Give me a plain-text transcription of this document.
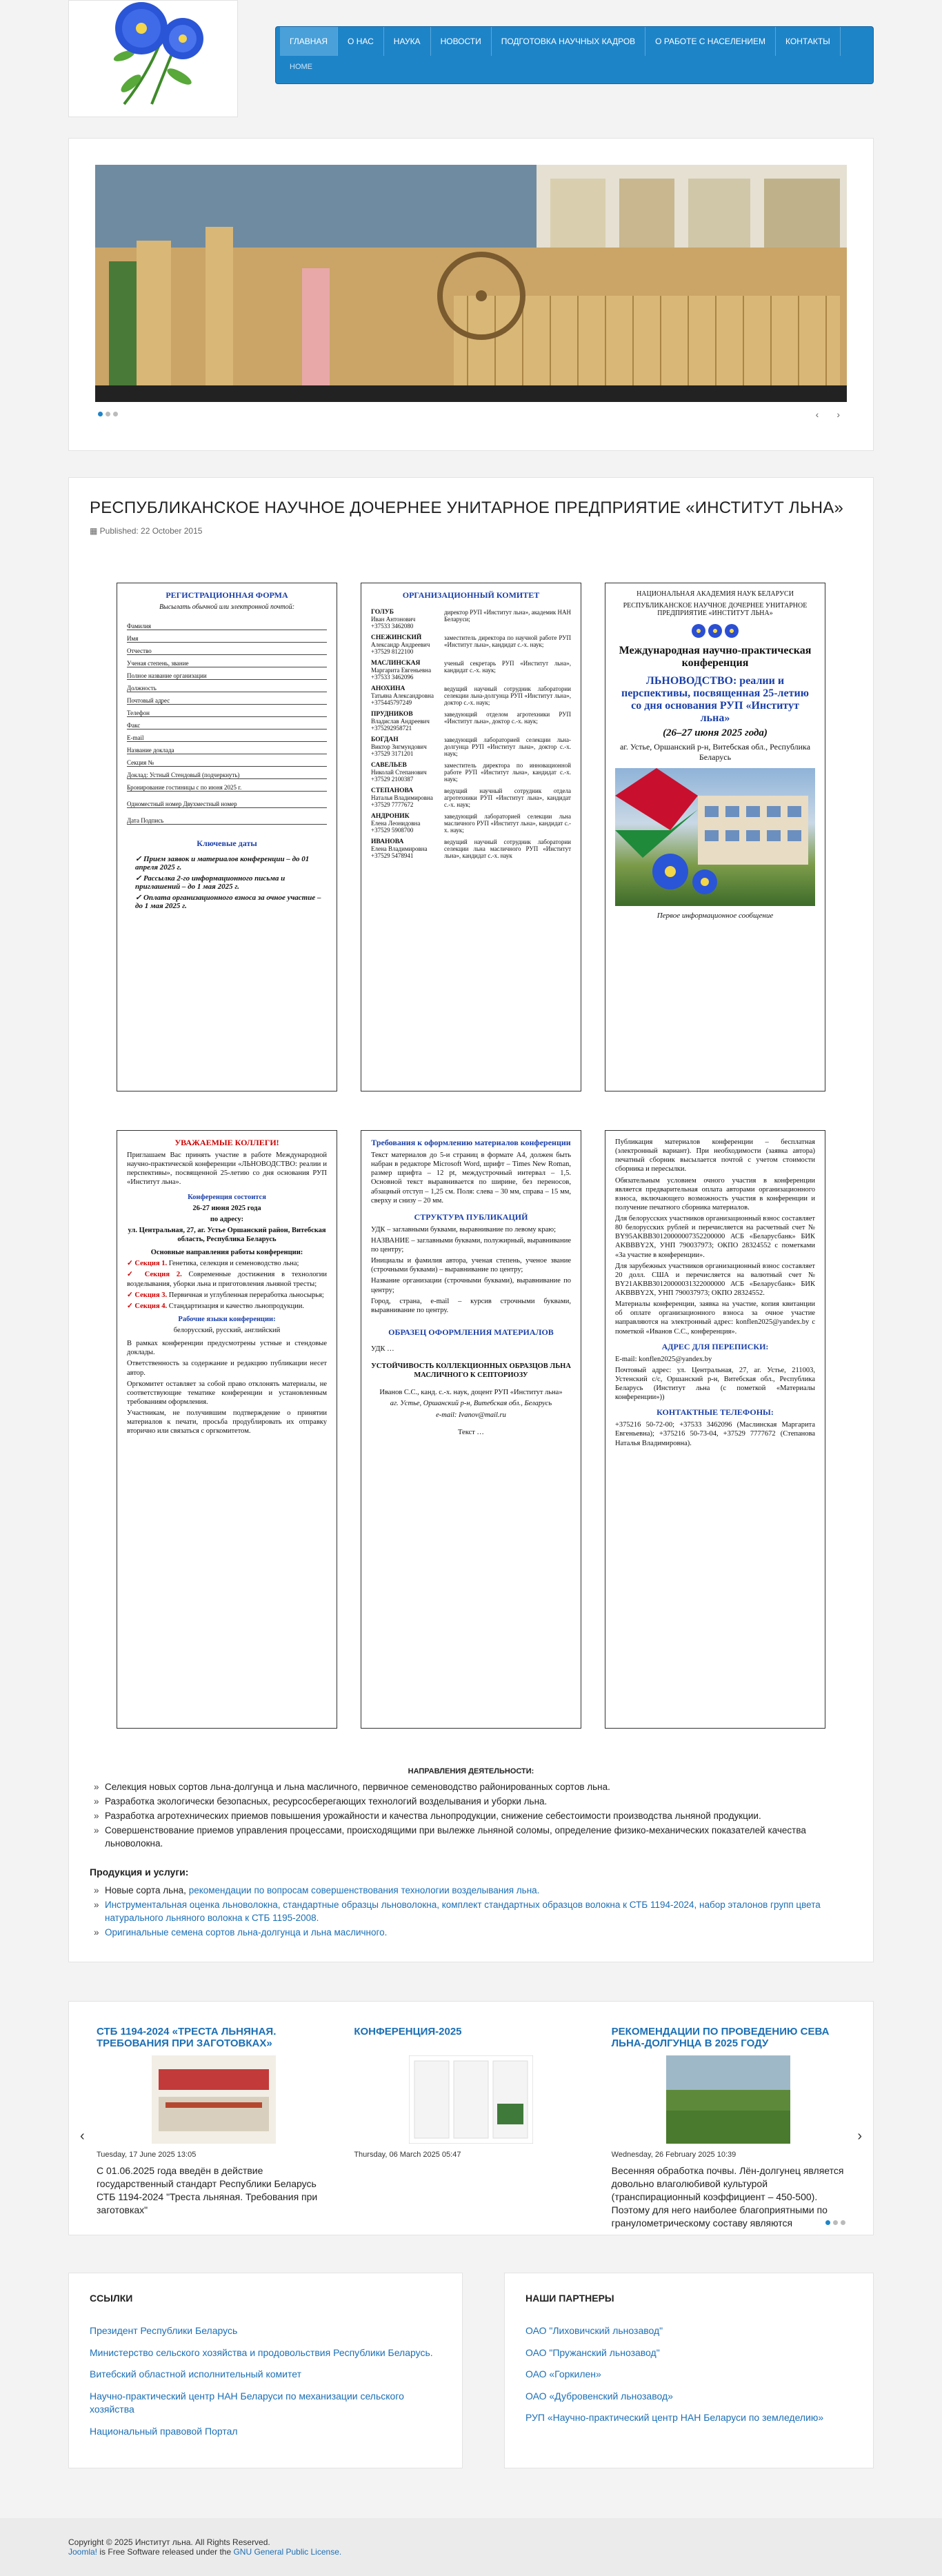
ГЛАВНАЯ	О НАС	НАУКА	НОВОСТИ	ПОДГОТОВКА НАУЧНЫХ КАДРОВ	О РАБОТЕ С НАСЕЛЕНИЕМ	КОНТАКТЫ
НОМЕ
‹ ›
РЕСПУБЛИКАНСКОЕ НАУЧНОЕ ДОЧЕРНЕЕ УНИТАРНОЕ ПРЕДПРИЯТИЕ «ИНСТИТУТ ЛЬНА»
▦ Published: 22 October 2015
РЕГИСТРАЦИОННАЯ ФОРМА
Высылать обычной или электронной почтой:
Фамилия
Имя
Отчество
Ученая степень, звание
Полное название организации
Должность
Почтовый адрес
Телефон
Факс
E-mail
Название доклада
Секция №
Доклад: Устный Стендовый (подчеркнуть)
Бронирование гостиницы с по июня 2025 г.
Одноместный номер Двухместный номер
Дата Подпись
Ключевые даты
✓ Прием заявок и материалов конференции – до 01 апреля 2025 г.
✓ Рассылка 2-го информационного письма и приглашений – до 1 мая 2025 г.
✓ Оплата организационного взноса за очное участие – до 1 мая 2025 г.
ОРГАНИЗАЦИОННЫЙ КОМИТЕТ
ГОЛУБ
Иван Антонович
+37533 3462080
директор РУП «Институт льна», академик НАН Беларуси;
СНЕЖИНСКИЙ
Александр Андреевич
+37529 8122100
заместитель директора по научной работе РУП «Институт льна», кандидат с.-х. наук;
МАСЛИНСКАЯ
Маргарита Евгеньевна
+37533 3462096
ученый секретарь РУП «Институт льна», кандидат с.-х. наук;
АНОХИНА
Татьяна Александровна
+375445797249
ведущий научный сотрудник лаборатории селекции льна-долгунца РУП «Институт льна», доктор с.-х. наук;
ПРУДНИКОВ
Владислав Андреевич
+375292958721
заведующий отделом агротехники РУП «Институт льна», доктор с.-х. наук;
БОГДАН
Виктор Зигмундович
+37529 3171201
заведующий лабораторией селекции льна-долгунца РУП «Институт льна», доктор с.-х. наук;
САВЕЛЬЕВ
Николай Степанович
+37529 2100387
заместитель директора по инновационной работе РУП «Институт льна», кандидат с.-х. наук;
СТЕПАНОВА
Наталья Владимировна
+37529 7777672
ведущий научный сотрудник отдела агротехники РУП «Институт льна», кандидат с.-х. наук;
АНДРОНИК
Елена Леонидовна
+37529 5908700
заведующий лабораторией селекции льна масличного РУП «Институт льна», кандидат с.-х. наук;
ИВАНОВА
Елена Владимировна
+37529 5478941
ведущий научный сотрудник лаборатории селекции льна масличного РУП «Институт льна», кандидат с.-х. наук
НАЦИОНАЛЬНАЯ АКАДЕМИЯ НАУК БЕЛАРУСИ
РЕСПУБЛИКАНСКОЕ НАУЧНОЕ ДОЧЕРНЕЕ УНИТАРНОЕ ПРЕДПРИЯТИЕ «ИНСТИТУТ ЛЬНА»
Международная научно-практическая конференция
ЛЬНОВОДСТВО: реалии и перспективы, посвященная 25-летию со дня основания РУП «Институт льна»
(26–27 июня 2025 года)
аг. Устье, Оршанский р-н, Витебская обл., Республика Беларусь
Первое информационное сообщение
УВАЖАЕМЫЕ КОЛЛЕГИ!

Приглашаем Вас принять участие в работе Международной научно-практической конференции «ЛЬНОВОДСТВО: реалии и перспективы», посвященной 25-летию со дня основания РУП «Институт льна».

Конференция состоится

26-27 июня 2025 года

по адресу:

ул. Центральная, 27, аг. Устье Оршанский район, Витебская область, Республика Беларусь

Основные направления работы конференции:

✓ Секция 1. Генетика, селекция и семеноводство льна;

✓ Секция 2. Современные достижения в технологии возделывания, уборки льна и приготовления льняной тресты;

✓ Секция 3. Первичная и углубленная переработка льносырья;

✓ Секция 4. Стандартизация и качество льнопродукции.

Рабочие языки конференции:

белорусский, русский, английский

В рамках конференции предусмотрены устные и стендовые доклады.

Ответственность за содержание и редакцию публикации несет автор.

Оргкомитет оставляет за собой право отклонять материалы, не соответствующие тематике конференции и установленным требованиям оформления.

Участникам, не получившим подтверждение о принятии материалов к печати, просьба продублировать их отправку вторично или связаться с оргкомитетом.

Требования к оформлению материалов конференции

Текст материалов до 5-и страниц в формате А4, должен быть набран в редакторе Microsoft Word, шрифт – Times New Roman, размер шрифта – 12 pt, междустрочный интервал – 1,5. Основной текст выравнивается по ширине, без переносов, абзацный отступ – 1,25 см. Поля: слева – 30 мм, справа – 15 мм, сверху и снизу – 20 мм.

СТРУКТУРА ПУБЛИКАЦИЙ

УДК – заглавными буквами, выравнивание по левому краю;

НАЗВАНИЕ – заглавными буквами, полужирный, выравнивание по центру;

Инициалы и фамилия автора, ученая степень, ученое звание (строчными буквами) – выравнивание по центру;

Название организации (строчными буквами), выравнивание по центру;

Город, страна, e-mail – курсив строчными буквами, выравнивание по центру.

ОБРАЗЕЦ ОФОРМЛЕНИЯ МАТЕРИАЛОВ

УДК …

УСТОЙЧИВОСТЬ КОЛЛЕКЦИОННЫХ ОБРАЗЦОВ ЛЬНА МАСЛИЧНОГО К СЕПТОРИОЗУ

Иванов С.С., канд. с.-х. наук, доцент РУП «Институт льна»

аг. Устье, Оршанский р-н, Витебская обл., Беларусь

e-mail: Ivanov@mail.ru

Текст …

Публикация материалов конференции – бесплатная (электронный вариант). При необходимости (заявка автора) печатный сборник высылается почтой с учетом стоимости сборника и пересылки.

Обязательным условием очного участия в конференции является предварительная оплата авторами организационного взноса, включающего возможность участия в конференции и получение печатного сборника материалов.

Для белорусских участников организационный взнос составляет 80 белорусских рублей и перечисляется на расчетный счет № BY95AKBB30120000007352200000 АСБ «Беларусбанк» БИК AKBBBY2X, УНП 790037973; ОКПО 28324552 с пометками «За участие в конференции».

Для зарубежных участников организационный взнос составляет 20 долл. США и перечисляется на валютный счет № BY21AKBB30120000031322000000 АСБ «Беларусбанк» БИК AKBBBY2X, УНП 790037973; ОКПО 28324552.

Материалы конференции, заявка на участие, копия квитанции об оплате организационного взноса за очное участие направляются на электронный адрес: konflen2025@yandex.by с пометкой «Иванов С.С., конференция».

АДРЕС ДЛЯ ПЕРЕПИСКИ:

E-mail: konflen2025@yandex.by

Почтовый адрес: ул. Центральная, 27, аг. Устье, 211003, Устенский с/с, Оршанский р-н, Витебская обл., Республика Беларусь (Институт льна (с пометкой «Материалы конференции»))

КОНТАКТНЫЕ ТЕЛЕФОНЫ:

+375216 50-72-00; +37533 3462096 (Маслинская Маргарита Евгеньевна); +375216 50-73-04, +37529 7777672 (Степанова Наталья Владимировна).

НАПРАВЛЕНИЯ ДЕЯТЕЛЬНОСТИ:
» Селекция новых сортов льна-долгунца и льна масличного, первичное семеноводство районированных сортов льна.
» Разработка экологически безопасных, ресурсосберегающих технологий возделывания и уборки льна.
» Разработка агротехнических приемов повышения урожайности и качества льнопродукции, снижение себестоимости производства льняной продукции.
» Совершенствование приемов управления процессами, происходящими при вылежке льняной соломы, определение физико-механических показателей качества льноволокна.
Продукция и услуги:
» Новые сорта льна, рекомендации по вопросам совершенствования технологии возделывания льна.
» Инструментальная оценка льноволокна, стандартные образцы льноволокна, комплект стандартных образцов волокна к СТБ 1194-2024, набор эталонов групп цвета натурального льняного волокна к СТБ 1195-2008.
» Оригинальные семена сортов льна-долгунца и льна масличного.
‹	›
СТБ 1194-2024 «ТРЕСТА ЛЬНЯНАЯ. ТРЕБОВАНИЯ ПРИ ЗАГОТОВКАХ»
Tuesday, 17 June 2025 13:05
С 01.06.2025 года введён в действие государственный стандарт Республики Беларусь СТБ 1194-2024 "Треста льняная. Требования при заготовках"
КОНФЕРЕНЦИЯ-2025
Thursday, 06 March 2025 05:47
РЕКОМЕНДАЦИИ ПО ПРОВЕДЕНИЮ СЕВА ЛЬНА-ДОЛГУНЦА В 2025 ГОДУ
Wednesday, 26 February 2025 10:39
Весенняя обработка почвы. Лён-долгунец является довольно влаголюбивой культурой (транспирационный коэффициент – 450-500). Поэтому для него наиболее благоприятными по гранулометрическому составу являются
ССЫЛКИ
Президент Республики Беларусь
Министерство сельского хозяйства и продовольствия Республики Беларусь.
Витебский областной исполнительный комитет
Научно-практический центр НАН Беларуси по механизации сельского хозяйства
Национальный правовой Портал
НАШИ ПАРТНЕРЫ
ОАО "Лиховичский льнозавод"
ОАО "Пружанский льнозавод"
ОАО «Горкилен»
ОАО «Дубровенский льнозавод»
РУП «Научно-практический центр НАН Беларуси по земледелию»
Copyright © 2025 Институт льна. All Rights Reserved.
Joomla! is Free Software released under the GNU General Public License.
